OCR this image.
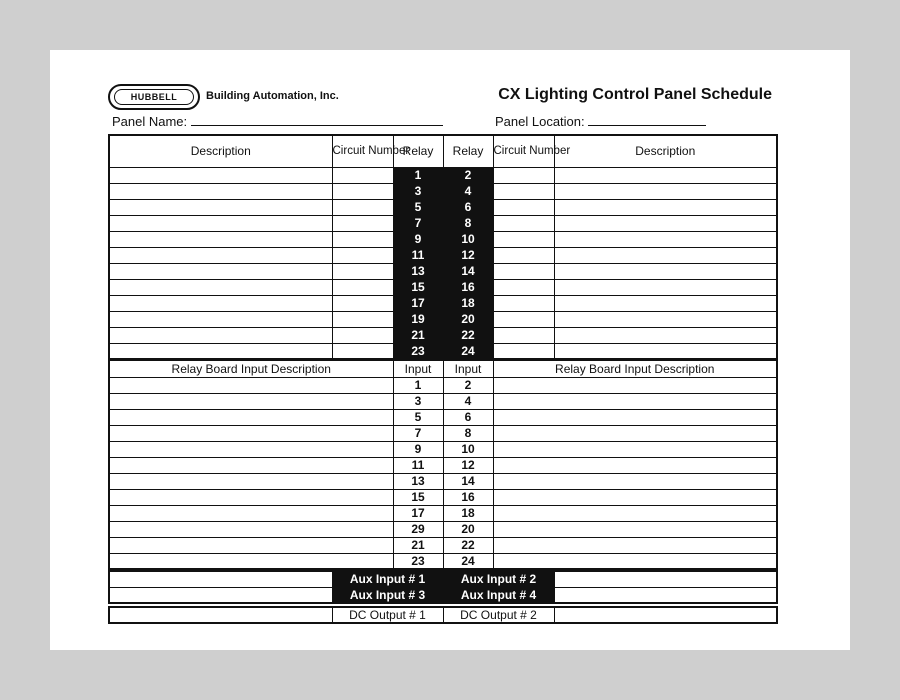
HUBBELL	Building Automation, Inc.	CX Lighting Control Panel Schedule
Panel Name:	Panel Location:
Description	Circuit Number	Relay	Relay	Circuit Number	Description
		1	2		
		3	4		
		5	6		
		7	8		
		9	10		
		11	12		
		13	14		
		15	16		
		17	18		
		19	20		
		21	22		
		23	24		
Relay Board Input Description	Input	Input	Relay Board Input Description
	1	2	
	3	4	
	5	6	
	7	8	
	9	10	
	11	12	
	13	14	
	15	16	
	17	18	
	29	20	
	21	22	
	23	24	
	Aux Input # 1	Aux Input # 2	
	Aux Input # 3	Aux Input # 4	
	DC Output # 1	DC Output # 2	
